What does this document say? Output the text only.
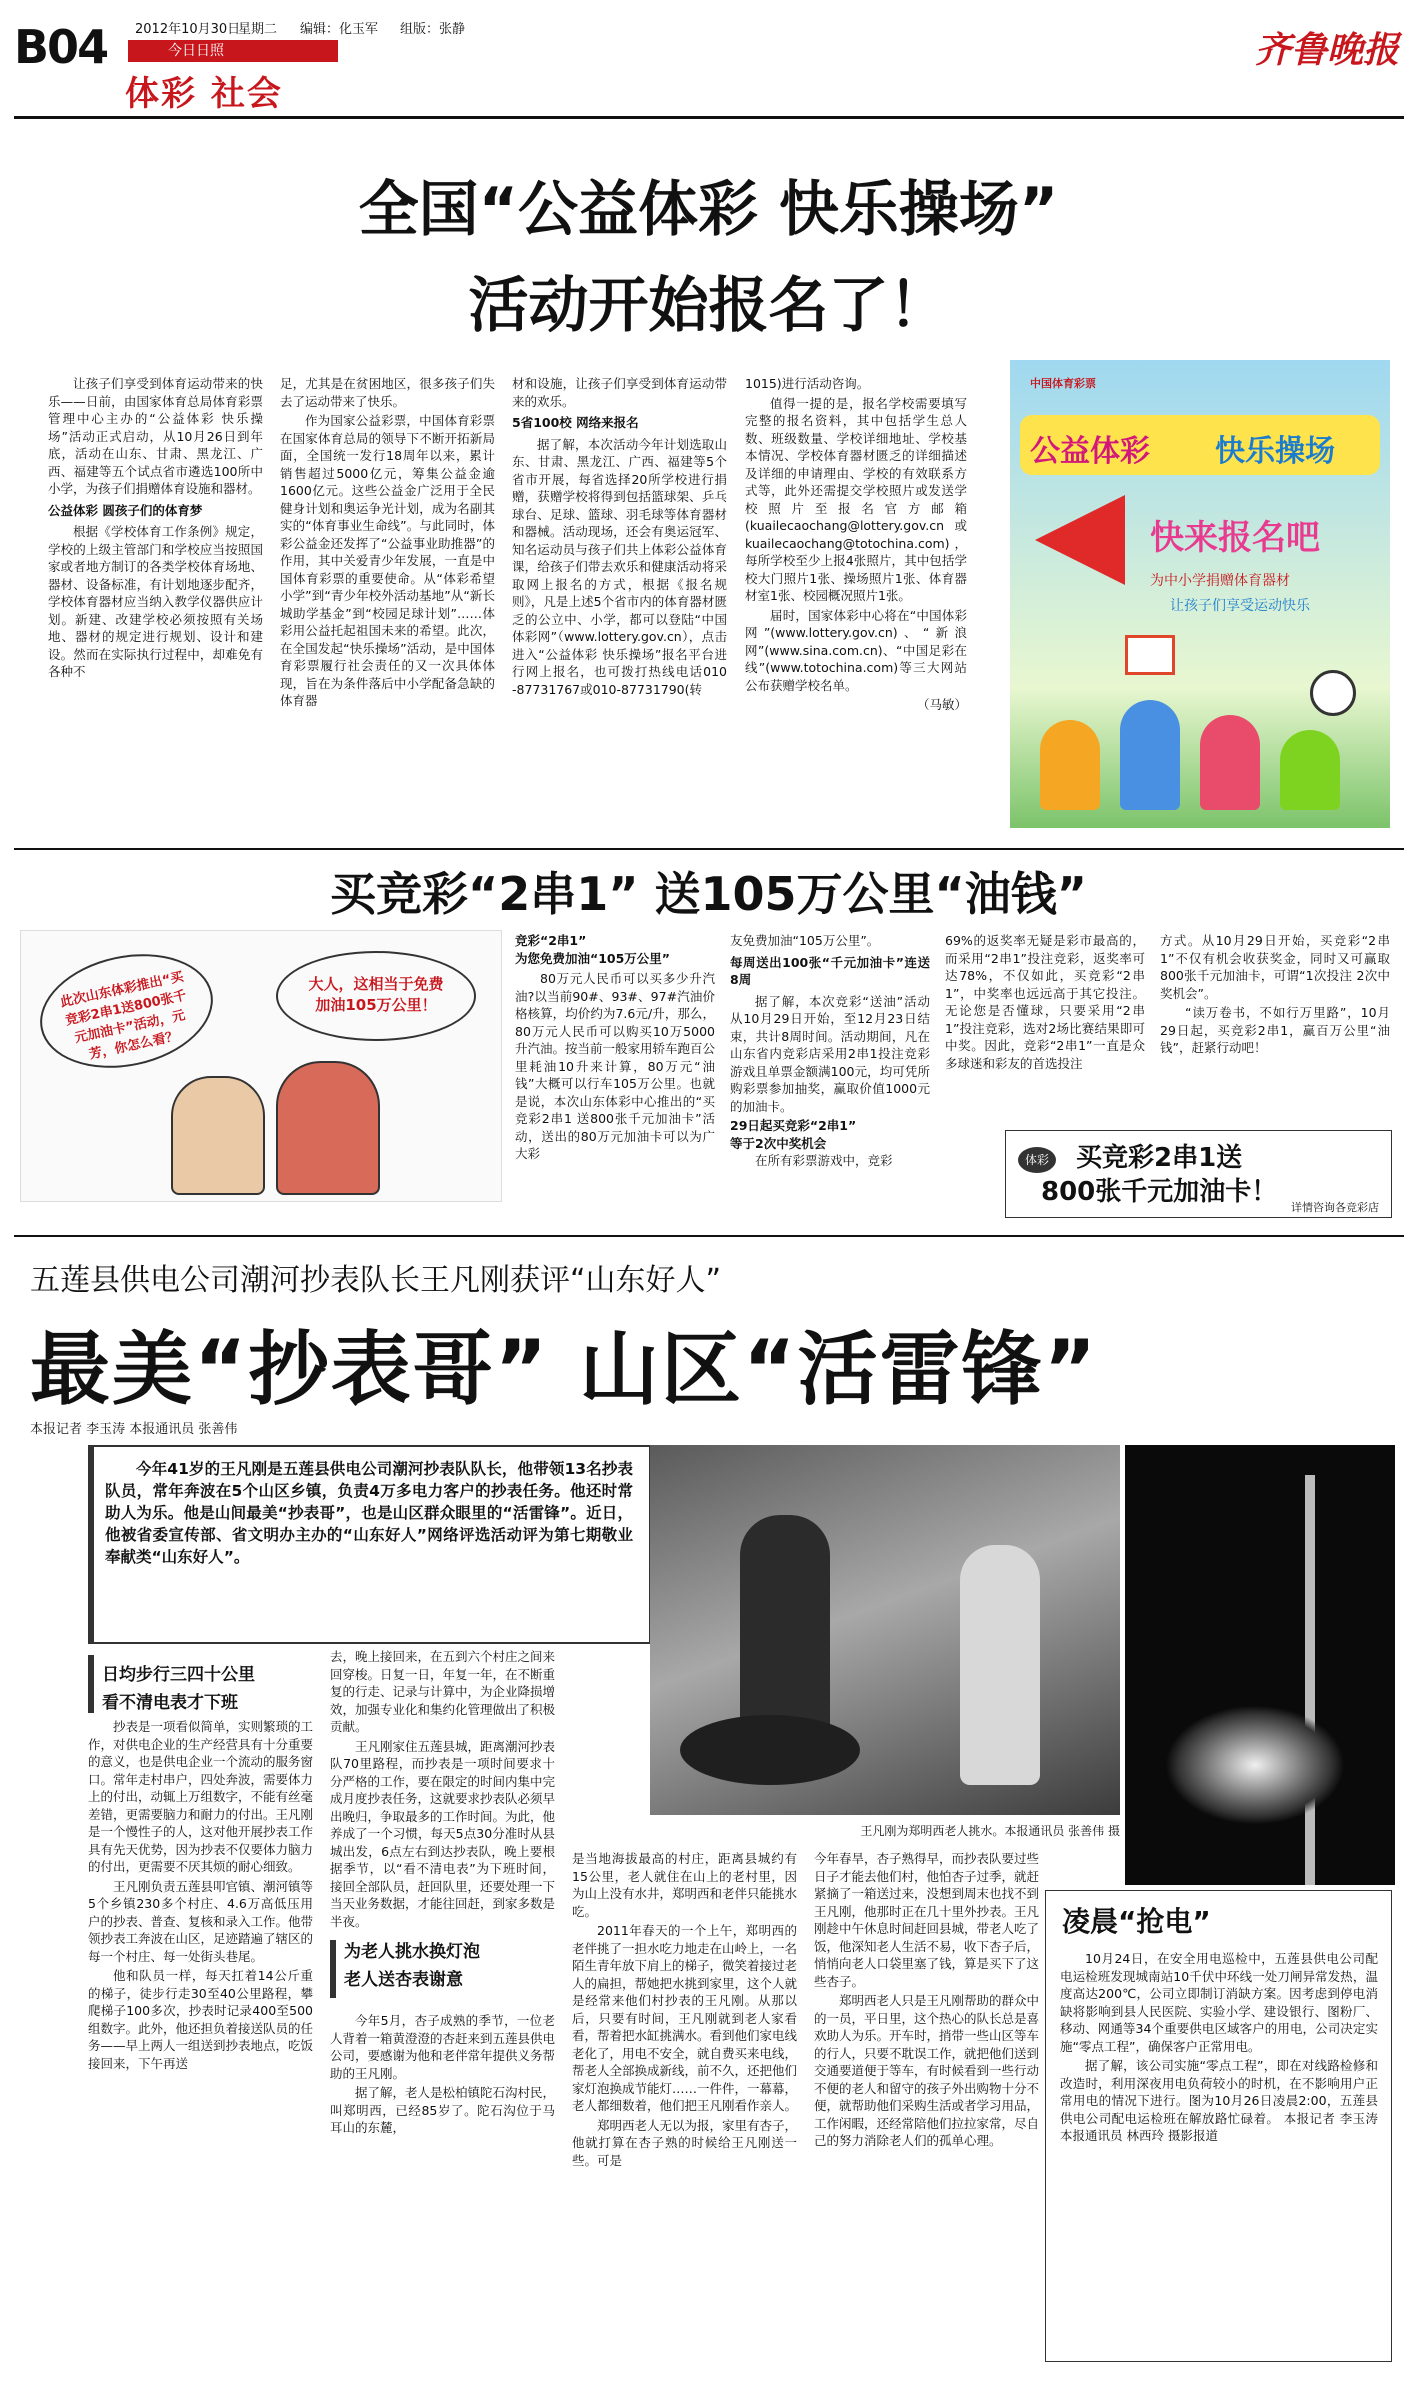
B04 2012年10月30日
星期二 编辑：化玉军 组版：张静
今日日照
体彩 社会
齐鲁晚报
全国“公益体彩 快乐操场”
活动开始报名了！

让孩子们享受到体育运动带来的快乐——日前，由国家体育总局体育彩票管理中心主办的“公益体彩 快乐操场”活动正式启动，从10月26日到年底，活动在山东、甘肃、黑龙江、广西、福建等五个试点省市遴选100所中小学，为孩子们捐赠体育设施和器材。

公益体彩 圆孩子们的体育梦

根据《学校体育工作条例》规定，学校的上级主管部门和学校应当按照国家或者地方制订的各类学校体育场地、器材、设备标准，有计划地逐步配齐，学校体育器材应当纳入教学仪器供应计划。新建、改建学校必须按照有关场地、器材的规定进行规划、设计和建设。然而在实际执行过程中，却难免有各种不

足，尤其是在贫困地区，很多孩子们失去了运动带来了快乐。

作为国家公益彩票，中国体育彩票在国家体育总局的领导下不断开拓新局面，全国统一发行18周年以来，累计销售超过5000亿元，筹集公益金逾1600亿元。这些公益金广泛用于全民健身计划和奥运争光计划，成为名副其实的“体育事业生命线”。与此同时，体彩公益金还发挥了“公益事业助推器”的作用，其中关爱青少年发展，一直是中国体育彩票的重要使命。从“体彩希望小学”到“青少年校外活动基地”从“新长城助学基金”到“校园足球计划”……体彩用公益托起祖国未来的希望。此次，在全国发起“快乐操场”活动，是中国体育彩票履行社会责任的又一次具体体现，旨在为条件落后中小学配备急缺的体育器

材和设施，让孩子们享受到体育运动带来的欢乐。

5省100校 网络来报名

据了解，本次活动今年计划选取山东、甘肃、黑龙江、广西、福建等5个省市开展，每省选择20所学校进行捐赠，获赠学校将得到包括篮球架、乒乓球台、足球、篮球、羽毛球等体育器材和器械。活动现场，还会有奥运冠军、知名运动员与孩子们共上体彩公益体育课，给孩子们带去欢乐和健康活动将采取网上报名的方式，根据《报名规则》，凡是上述5个省市内的体育器材匮乏的公立中、小学，都可以登陆“中国体彩网”（www.lottery.gov.cn），点击进入“公益体彩 快乐操场”报名平台进行网上报名，也可拨打热线电话010 -87731767或010-87731790(转

1015)进行活动咨询。

值得一提的是，报名学校需要填写完整的报名资料，其中包括学生总人数、班级数量、学校详细地址、学校基本情况、学校体育器材匮乏的详细描述及详细的申请理由、学校的有效联系方式等，此外还需提交学校照片或发送学校照片至报名官方邮箱(kuailecaochang@lottery.gov.cn或kuailecaochang@totochina.com)，每所学校至少上报4张照片，其中包括学校大门照片1张、操场照片1张、体育器材室1张、校园概况照片1张。

届时，国家体彩中心将在“中国体彩网”(www.lottery.gov.cn)、“新浪网”(www.sina.com.cn)、“中国足彩在线”(www.totochina.com)等三大网站公布获赠学校名单。

（马敏）

中国体育彩票
公益体彩 快乐操场
快来报名吧
为中小学捐赠体育器材
让孩子们享受运动快乐
买竞彩“2串1” 送105万公里“油钱”
此次山东体彩推出“买竞彩2串1送800张千元加油卡”活动，元芳，你怎么看？
大人，这相当于免费加油105万公里！

竞彩“2串1”

为您免费加油“105万公里”

80万元人民币可以买多少升汽油?以当前90#、93#、97#汽油价格核算，均价约为7.6元/升，那么，80万元人民币可以购买10万5000升汽油。按当前一般家用轿车跑百公里耗油10升来计算，80万元“油钱”大概可以行车105万公里。也就是说，本次山东体彩中心推出的“买竞彩2串1 送800张千元加油卡”活动，送出的80万元加油卡可以为广大彩

友免费加油“105万公里”。

每周送出100张“千元加油卡”连送8周

据了解，本次竞彩“送油”活动从10月29日开始，至12月23日结束，共计8周时间。活动期间，凡在山东省内竞彩店采用2串1投注竞彩游戏且单票金额满100元，均可凭所购彩票参加抽奖，赢取价值1000元的加油卡。

29日起买竞彩“2串1”

等于2次中奖机会

在所有彩票游戏中，竞彩

69%的返奖率无疑是彩市最高的，而采用“2串1”投注竞彩，返奖率可达78%，不仅如此，买竞彩“2串1”，中奖率也远远高于其它投注。无论您是否懂球，只要采用“2串1”投注竞彩，选对2场比赛结果即可中奖。因此，竞彩“2串1”一直是众多球迷和彩友的首选投注

方式。从10月29日开始，买竞彩“2串1”不仅有机会收获奖金，同时又可赢取800张千元加油卡，可谓“1次投注 2次中奖机会”。

“读万卷书，不如行万里路”，10月29日起，买竞彩2串1，赢百万公里“油钱”，赶紧行动吧！

体彩 买竞彩2串1送
800张千元加油卡！
详情咨询各竞彩店
五莲县供电公司潮河抄表队长王凡刚获评“山东好人”
最美“抄表哥” 山区“活雷锋”
本报记者 李玉涛 本报通讯员 张善伟
今年41岁的王凡刚是五莲县供电公司潮河抄表队队长，他带领13名抄表队员，常年奔波在5个山区乡镇，负责4万多电力客户的抄表任务。他还时常助人为乐。他是山间最美“抄表哥”，也是山区群众眼里的“活雷锋”。近日，他被省委宣传部、省文明办主办的“山东好人”网络评选活动评为第七期敬业奉献类“山东好人”。
王凡刚为郑明西老人挑水。本报通讯员 张善伟 摄
日均步行三四十公里
看不清电表才下班

抄表是一项看似简单，实则繁琐的工作，对供电企业的生产经营具有十分重要的意义，也是供电企业一个流动的服务窗口。常年走村串户，四处奔波，需要体力上的付出，动辄上万组数字，不能有丝毫差错，更需要脑力和耐力的付出。王凡刚是一个慢性子的人，这对他开展抄表工作具有先天优势，因为抄表不仅要体力脑力的付出，更需要不厌其烦的耐心细致。

王凡刚负责五莲县叩官镇、潮河镇等5个乡镇230多个村庄、4.6万高低压用户的抄表、普查、复核和录入工作。他带领抄表工奔波在山区，足迹踏遍了辖区的每一个村庄、每一处街头巷尾。

他和队员一样，每天扛着14公斤重的梯子，徒步行走30至40公里路程，攀爬梯子100多次，抄表时记录400至500组数字。此外，他还担负着接送队员的任务——早上两人一组送到抄表地点，吃饭接回来，下午再送

去，晚上接回来，在五到六个村庄之间来回穿梭。日复一日，年复一年，在不断重复的行走、记录与计算中，为企业降损增效，加强专业化和集约化管理做出了积极贡献。

王凡刚家住五莲县城，距离潮河抄表队70里路程，而抄表是一项时间要求十分严格的工作，要在限定的时间内集中完成月度抄表任务，这就要求抄表队必须早出晚归，争取最多的工作时间。为此，他养成了一个习惯，每天5点30分准时从县城出发，6点左右到达抄表队，晚上要根据季节，以“看不清电表”为下班时间，接回全部队员，赶回队里，还要处理一下当天业务数据，才能往回赶，到家多数是半夜。

为老人挑水换灯泡
老人送杏表谢意

今年5月，杏子成熟的季节，一位老人背着一箱黄澄澄的杏赶来到五莲县供电公司，要感谢为他和老伴常年提供义务帮助的王凡刚。

据了解，老人是松柏镇陀石沟村民，叫郑明西，已经85岁了。陀石沟位于马耳山的东麓，

是当地海拔最高的村庄，距离县城约有15公里，老人就住在山上的老村里，因为山上没有水井，郑明西和老伴只能挑水吃。

2011年春天的一个上午，郑明西的老伴挑了一担水吃力地走在山岭上，一名陌生青年放下肩上的梯子，微笑着接过老人的扁担，帮她把水挑到家里，这个人就是经常来他们村抄表的王凡刚。从那以后，只要有时间，王凡刚就到老人家看看，帮着把水缸挑满水。看到他们家电线老化了，用电不安全，就自费买来电线，帮老人全部换成新线，前不久，还把他们家灯泡换成节能灯……一件件，一幕幕，老人都细数着，他们把王凡刚看作亲人。

郑明西老人无以为报，家里有杏子，他就打算在杏子熟的时候给王凡刚送一些。可是

今年春旱，杏子熟得早，而抄表队要过些日子才能去他们村，他怕杏子过季，就赶紧摘了一箱送过来，没想到周末也找不到王凡刚，他那时正在几十里外抄表。王凡刚趁中午休息时间赶回县城，带老人吃了饭，他深知老人生活不易，收下杏子后，悄悄向老人口袋里塞了钱，算是买下了这些杏子。

郑明西老人只是王凡刚帮助的群众中的一员，平日里，这个热心的队长总是喜欢助人为乐。开车时，捎带一些山区等车的行人，只要不耽误工作，就把他们送到交通要道便于等车，有时候看到一些行动不便的老人和留守的孩子外出购物十分不便，就帮助他们采购生活或者学习用品，工作闲暇，还经常陪他们拉拉家常，尽自己的努力消除老人们的孤单心理。

凌晨“抢电”

10月24日，在安全用电巡检中，五莲县供电公司配电运检班发现城南站10千伏中环线一处刀闸异常发热，温度高达200℃，公司立即制订消缺方案。因考虑到停电消缺将影响到县人民医院、实验小学、建设银行、图粉厂、移动、网通等34个重要供电区域客户的用电，公司决定实施“零点工程”，确保客户正常用电。

据了解，该公司实施“零点工程”，即在对线路检修和改造时，利用深夜用电负荷较小的时机，在不影响用户正常用电的情况下进行。图为10月26日凌晨2:00，五莲县供电公司配电运检班在解放路忙碌着。 本报记者 李玉涛 本报通讯员 林西玲 摄影报道
